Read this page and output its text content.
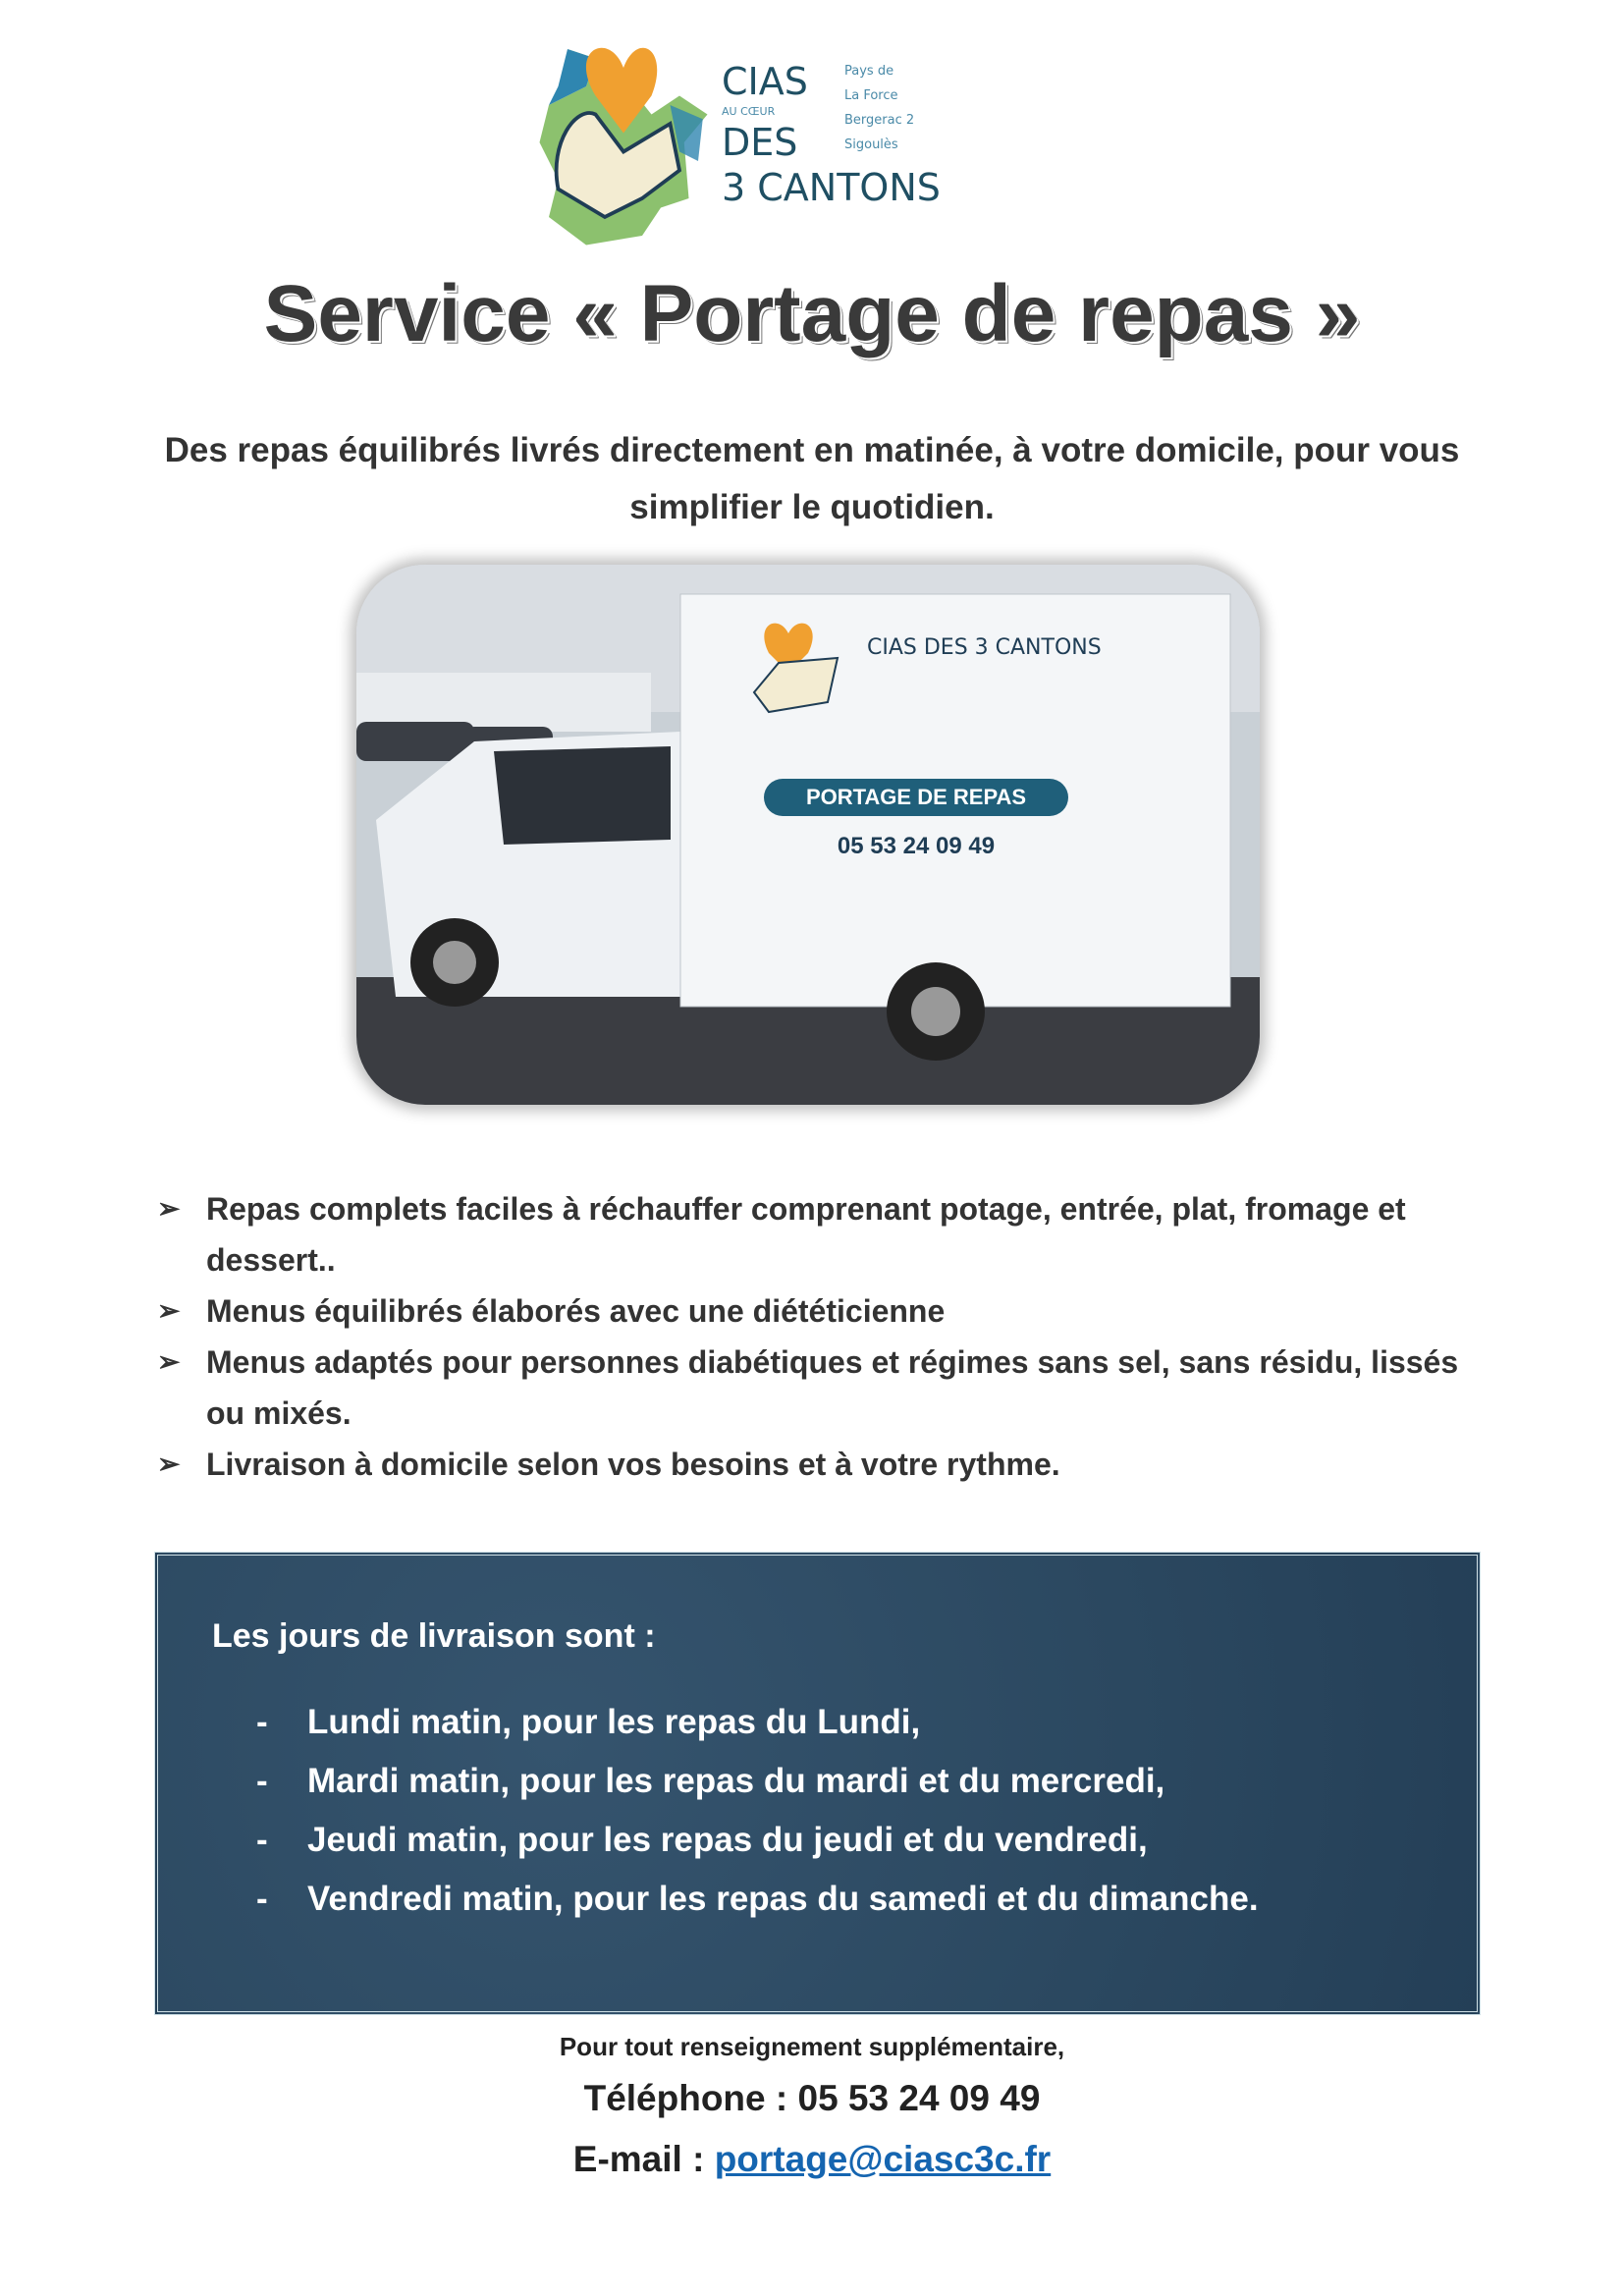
CIAS
AU CŒUR
DES
3 CANTONS
Pays de
La Force
Bergerac 2
Sigoulès
Service « Portage de repas »
Des repas équilibrés livrés directement en matinée, à votre domicile, pour vous simplifier le quotidien.
CIAS DES 3 CANTONS
PORTAGE DE REPAS
05 53 24 09 49
➢ Repas complets faciles à réchauffer comprenant potage, entrée, plat, fromage et dessert..
➢ Menus équilibrés élaborés avec une diététicienne
➢ Menus adaptés pour personnes diabétiques et régimes sans sel, sans résidu, lissés ou mixés.
➢ Livraison à domicile selon vos besoins et à votre rythme.
Les jours de livraison sont :
- Lundi matin, pour les repas du Lundi,
- Mardi matin, pour les repas du mardi et du mercredi,
- Jeudi matin, pour les repas du jeudi et du vendredi,
- Vendredi matin, pour les repas du samedi et du dimanche.
Pour tout renseignement supplémentaire,
Téléphone : 05 53 24 09 49
E-mail : portage@ciasc3c.fr
